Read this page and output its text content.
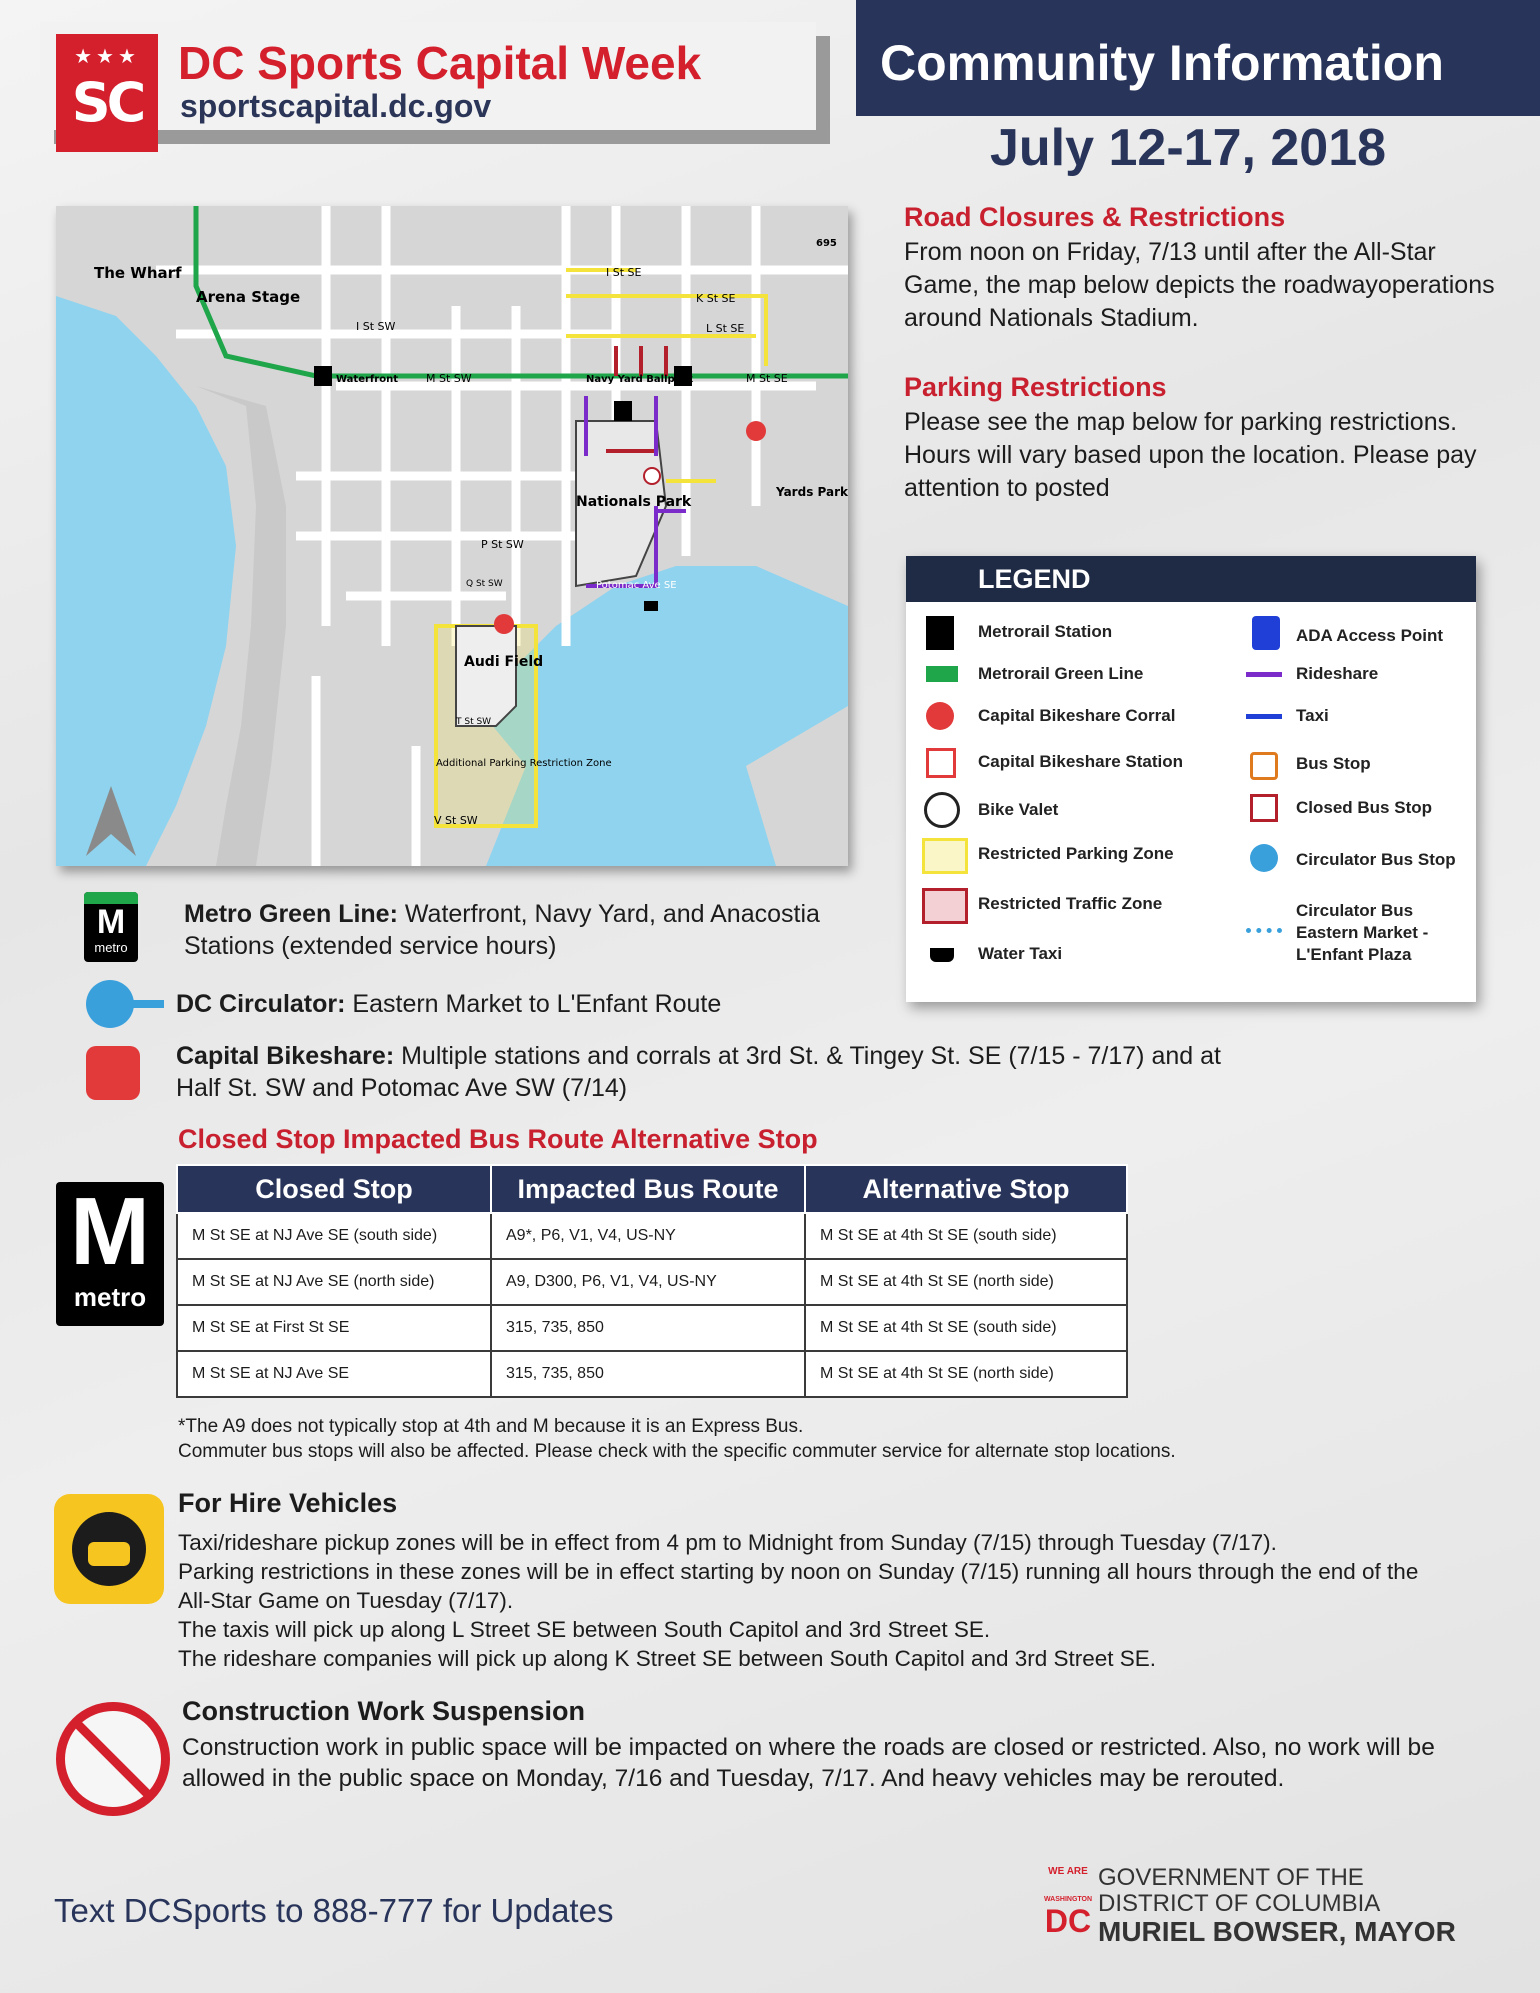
★★★
SC
DC Sports Capital Week
sportscapital.dc.gov
Community Information
July 12-17, 2018
Road Closures & Restrictions
From noon on Friday, 7/13 until after the All-Star Game, the map below depicts the roadwayoperations around Nationals Stadium.
Parking Restrictions
Please see the map below for parking restrictions. Hours will vary based upon the location. Please pay attention to posted
The Wharf
Arena Stage
Nationals Park
Audi Field
Yards Park
I St SW
I St SE
K St SE
L St SE
M St SW	M St SE
Waterfront	Navy Yard Ballpark
P St SW
Q St SW
T St SW
V St SW
Additional Parking Restriction Zone
695
Potomac Ave SE	LEGEND
Metrorail Station
Metrorail Green Line
Capital Bikeshare Corral
Capital Bikeshare Station
Bike Valet
Restricted Parking Zone
Restricted Traffic Zone
Water Taxi
ADA Access Point
Rideshare
Taxi
Bus Stop
Closed Bus Stop
Circulator Bus Stop
Circulator Bus Eastern Market - L'Enfant Plaza
M
metro
Metro Green Line: Waterfront, Navy Yard, and Anacostia Stations (extended service hours)
DC Circulator: Eastern Market to L'Enfant Route
Capital Bikeshare: Multiple stations and corrals at 3rd St. & Tingey St. SE (7/15 - 7/17) and at Half St. SW and Potomac Ave SW (7/14)
Closed Stop Impacted Bus Route Alternative Stop
M
metro
Closed Stop	Impacted Bus Route	Alternative Stop
M St SE at NJ Ave SE (south side)	A9*, P6, V1, V4, US-NY	M St SE at 4th St SE (south side)
M St SE at NJ Ave SE (north side)	A9, D300, P6, V1, V4, US-NY	M St SE at 4th St SE (north side)
M St SE at First St SE	315, 735, 850	M St SE at 4th St SE (south side)
M St SE at NJ Ave SE	315, 735, 850	M St SE at 4th St SE (north side)
*The A9 does not typically stop at 4th and M because it is an Express Bus.
Commuter bus stops will also be affected. Please check with the specific commuter service for alternate stop locations.
For Hire Vehicles
Taxi/rideshare pickup zones will be in effect from 4 pm to Midnight from Sunday (7/15) through Tuesday (7/17).
Parking restrictions in these zones will be in effect starting by noon on Sunday (7/15) running all hours through the end of the All-Star Game on Tuesday (7/17).
The taxis will pick up along L Street SE between South Capitol and 3rd Street SE.
The rideshare companies will pick up along K Street SE between South Capitol and 3rd Street SE.
Construction Work Suspension
Construction work in public space will be impacted on where the roads are closed or restricted. Also, no work will be allowed in the public space on Monday, 7/16 and Tuesday, 7/17. And heavy vehicles may be rerouted.
Text DCSports to 888-777 for Updates
WE ARE
WASHINGTON
DC
GOVERNMENT OF THE
DISTRICT OF COLUMBIA
MURIEL BOWSER, MAYOR
